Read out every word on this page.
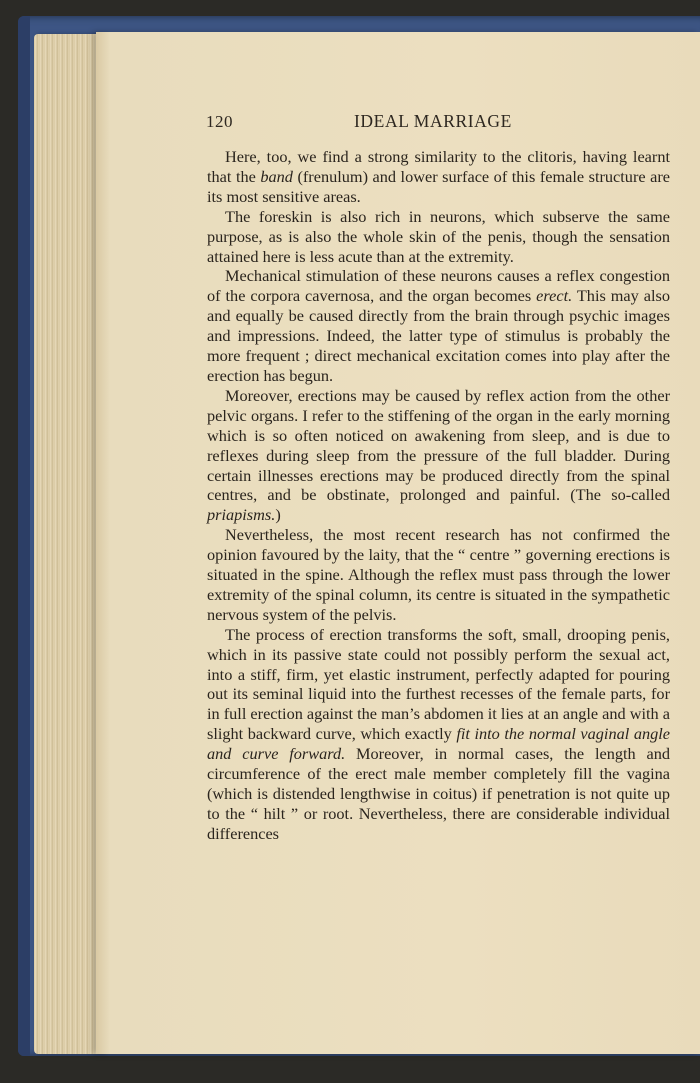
120	IDEAL MARRIAGE

Here, too, we find a strong similarity to the clitoris, having learnt that the band (frenulum) and lower surface of this female structure are its most sensitive areas.

The foreskin is also rich in neurons, which subserve the same purpose, as is also the whole skin of the penis, though the sensation attained here is less acute than at the extremity.

Mechanical stimulation of these neurons causes a reflex congestion of the corpora cavernosa, and the organ becomes erect. This may also and equally be caused directly from the brain through psychic images and impressions. Indeed, the latter type of stimulus is probably the more frequent ; direct mechanical excitation comes into play after the erection has begun.

Moreover, erections may be caused by reflex action from the other pelvic organs. I refer to the stiffening of the organ in the early morning which is so often noticed on awakening from sleep, and is due to reflexes during sleep from the pressure of the full bladder. During certain illnesses erections may be produced directly from the spinal centres, and be obstinate, prolonged and painful. (The so-called priapisms.)

Nevertheless, the most recent research has not confirmed the opinion favoured by the laity, that the “ centre ” governing erections is situated in the spine. Although the reflex must pass through the lower extremity of the spinal column, its centre is situated in the sympathetic nervous system of the pelvis.

The process of erection transforms the soft, small, drooping penis, which in its passive state could not possibly perform the sexual act, into a stiff, firm, yet elastic instrument, perfectly adapted for pouring out its seminal liquid into the furthest recesses of the female parts, for in full erection against the man’s abdomen it lies at an angle and with a slight backward curve, which exactly fit into the normal vaginal angle and curve forward. Moreover, in normal cases, the length and circumference of the erect male member completely fill the vagina (which is distended lengthwise in coitus) if penetration is not quite up to the “ hilt ” or root. Nevertheless, there are considerable individual differences
